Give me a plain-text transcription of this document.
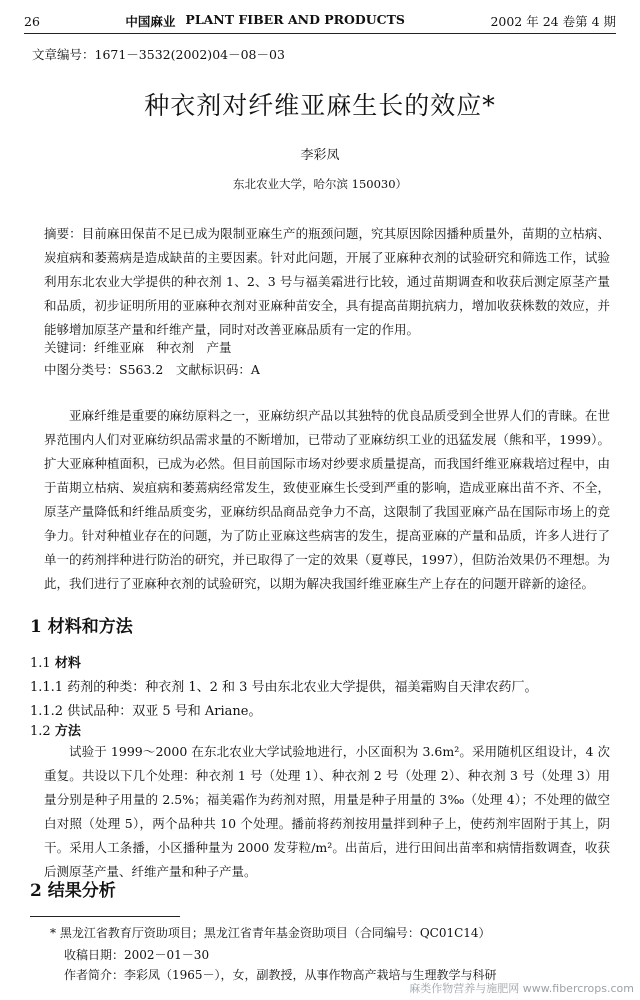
26	中国麻业 PLANT FIBER AND PRODUCTS	2002 年 24 卷第 4 期
文章编号：1671－3532(2002)04－08－03
种衣剂对纤维亚麻生长的效应*
李彩凤
东北农业大学，哈尔滨 150030）
摘要：目前麻田保苗不足已成为限制亚麻生产的瓶颈问题，究其原因除因播种质量外，苗期的立枯病、炭疽病和萎蔫病是造成缺苗的主要因素。针对此问题，开展了亚麻种衣剂的试验研究和筛选工作，试验利用东北农业大学提供的种衣剂 1、2、3 号与福美霜进行比较，通过苗期调查和收获后测定原茎产量和品质，初步证明所用的亚麻种衣剂对亚麻种苗安全，具有提高苗期抗病力，增加收获株数的效应，并能够增加原茎产量和纤维产量，同时对改善亚麻品质有一定的作用。
关键词：纤维亚麻　种衣剂　产量
中图分类号：S563.2　文献标识码：A
亚麻纤维是重要的麻纺原料之一，亚麻纺织产品以其独特的优良品质受到全世界人们的青睐。在世界范围内人们对亚麻纺织品需求量的不断增加，已带动了亚麻纺织工业的迅猛发展（熊和平，1999）。扩大亚麻种植面积，已成为必然。但目前国际市场对纱要求质量提高，而我国纤维亚麻栽培过程中，由于苗期立枯病、炭疽病和萎蔫病经常发生，致使亚麻生长受到严重的影响，造成亚麻出苗不齐、不全，原茎产量降低和纤维品质变劣，亚麻纺织品商品竞争力不高，这限制了我国亚麻产品在国际市场上的竞争力。针对种植业存在的问题，为了防止亚麻这些病害的发生，提高亚麻的产量和品质，许多人进行了单一的药剂拌种进行防治的研究，并已取得了一定的效果（夏尊民，1997），但防治效果仍不理想。为此，我们进行了亚麻种衣剂的试验研究，以期为解决我国纤维亚麻生产上存在的问题开辟新的途径。
1 材料和方法
1.1 材料
1.1.1 药剂的种类：种衣剂 1、2 和 3 号由东北农业大学提供，福美霜购自天津农药厂。
1.1.2 供试品种：双亚 5 号和 Ariane。
1.2 方法
试验于 1999～2000 在东北农业大学试验地进行，小区面积为 3.6m²。采用随机区组设计，4 次重复。共设以下几个处理：种衣剂 1 号（处理 1）、种衣剂 2 号（处理 2）、种衣剂 3 号（处理 3）用量分别是种子用量的 2.5%；福美霜作为药剂对照，用量是种子用量的 3‰（处理 4）；不处理的做空白对照（处理 5），两个品种共 10 个处理。播前将药剂按用量拌到种子上，使药剂牢固附于其上，阴干。采用人工条播，小区播种量为 2000 发芽粒/m²。出苗后，进行田间出苗率和病情指数调查，收获后测原茎产量、纤维产量和种子产量。
2 结果分析
* 黑龙江省教育厅资助项目；黑龙江省青年基金资助项目（合同编号：QC01C14）
收稿日期：2002－01－30
作者简介：李彩凤（1965－），女，副教授，从事作物高产栽培与生理教学与科研
麻类作物营养与施肥网 www.fibercrops.com
